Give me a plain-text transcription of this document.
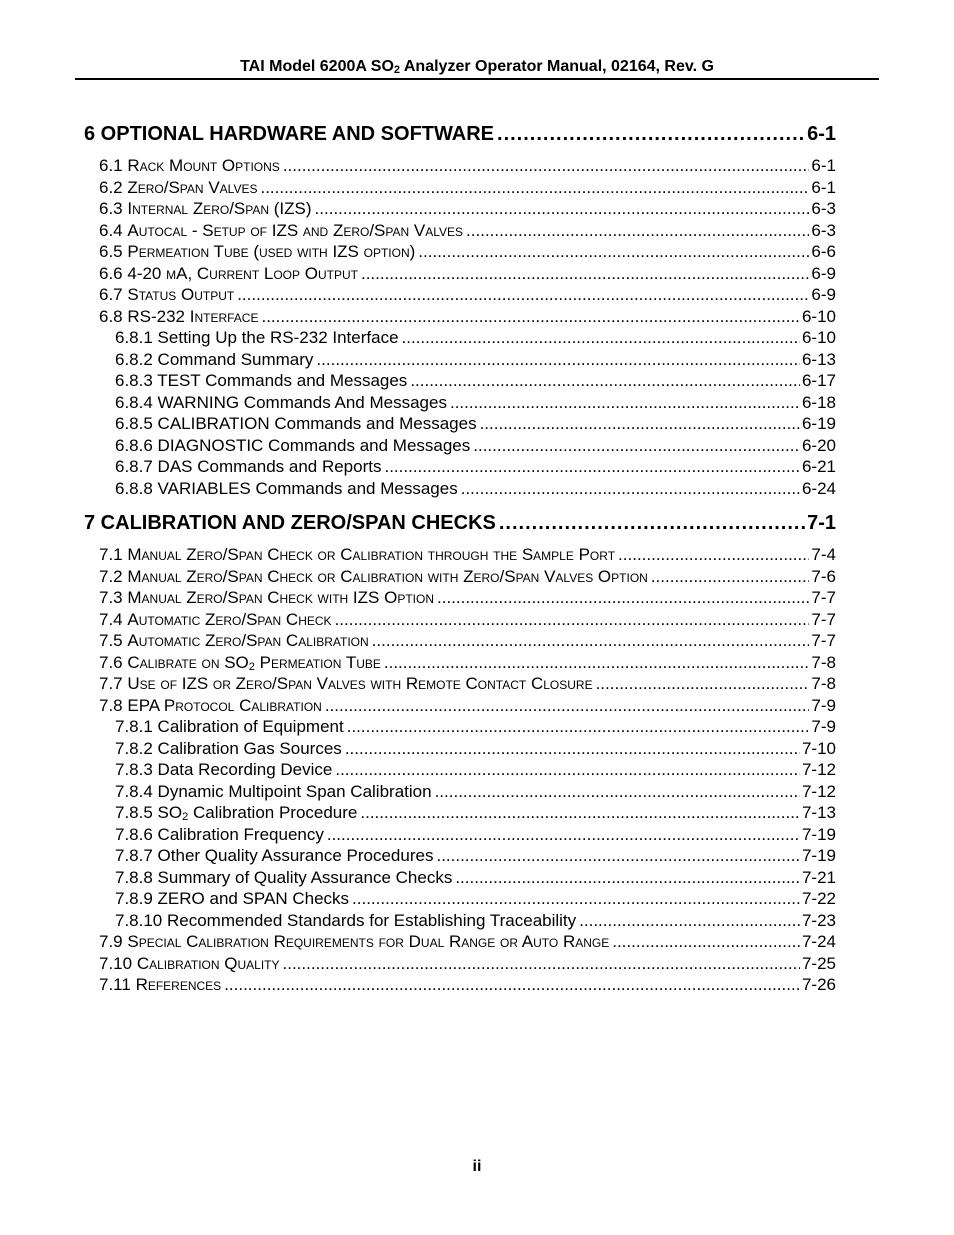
TAI Model 6200A $SO_2$ Analyzer Operator Manual, 02164, Rev. G
6 OPTIONAL HARDWARE AND SOFTWARE .....	6-1
6.1 Rack Mount Options .....	6-1
6.2 Zero/Span Valves .....	6-1
6.3 Internal Zero/Span (IZS) .....	6-3
6.4 Autocal - Setup of IZS and Zero/Span Valves .....	6-3
6.5 Permeation Tube (used with IZS option) .....	6-6
6.6 4-20 mA, Current Loop Output .....	6-9
6.7 Status Output .....	6-9
6.8 RS-232 Interface .....	6-10
6.8.1 Setting Up the RS-232 Interface .....	6-10
6.8.2 Command Summary .....	6-13
6.8.3 TEST Commands and Messages .....	6-17
6.8.4 WARNING Commands And Messages .....	6-18
6.8.5 CALIBRATION Commands and Messages .....	6-19
6.8.6 DIAGNOSTIC Commands and Messages .....	6-20
6.8.7 DAS Commands and Reports .....	6-21
6.8.8 VARIABLES Commands and Messages .....	6-24
7 CALIBRATION AND ZERO/SPAN CHECKS .....	7-1
7.1 Manual Zero/Span Check or Calibration through the Sample Port .....	7-4
7.2 Manual Zero/Span Check or Calibration with Zero/Span Valves Option .....	7-6
7.3 Manual Zero/Span Check with IZS Option .....	7-7
7.4 Automatic Zero/Span Check .....	7-7
7.5 Automatic Zero/Span Calibration .....	7-7
7.6 Calibrate on $SO_2$ Permeation Tube .....	7-8
7.7 Use of IZS or Zero/Span Valves with Remote Contact Closure .....	7-8
7.8 EPA Protocol Calibration .....	7-9
7.8.1 Calibration of Equipment .....	7-9
7.8.2 Calibration Gas Sources .....	7-10
7.8.3 Data Recording Device .....	7-12
7.8.4 Dynamic Multipoint Span Calibration .....	7-12
7.8.5 $SO_2$ Calibration Procedure .....	7-13
7.8.6 Calibration Frequency .....	7-19
7.8.7 Other Quality Assurance Procedures .....	7-19
7.8.8 Summary of Quality Assurance Checks .....	7-21
7.8.9 ZERO and SPAN Checks .....	7-22
7.8.10 Recommended Standards for Establishing Traceability .....	7-23
7.9 Special Calibration Requirements for Dual Range or Auto Range .....	7-24
7.10 Calibration Quality .....	7-25
7.11 References .....	7-26
ii
